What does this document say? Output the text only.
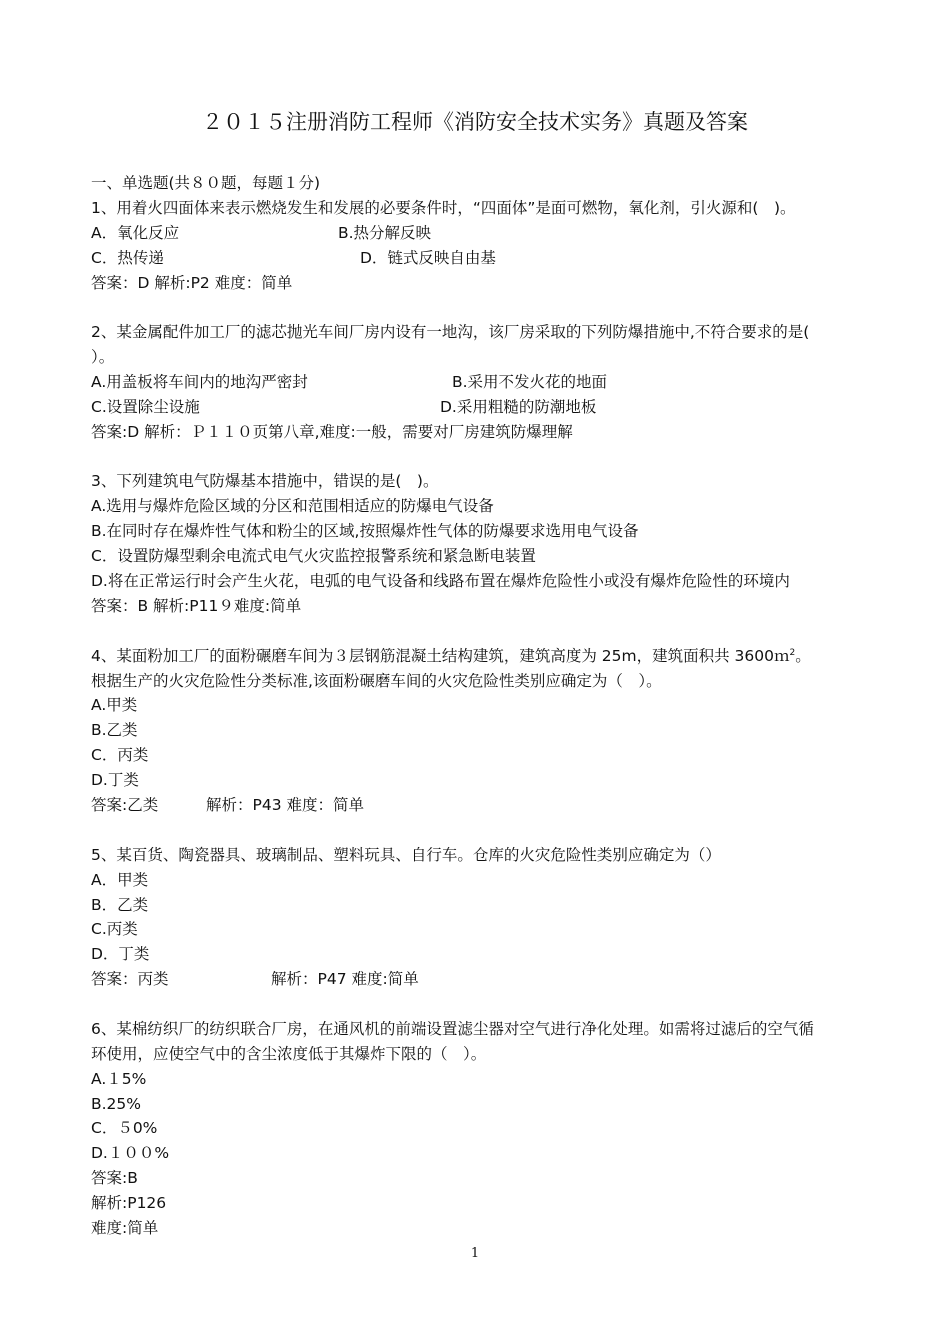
２０１５注册消防工程师《消防安全技术实务》真题及答案
一、单选题(共８０题，每题１分)
1、用着火四面体来表示燃烧发生和发展的必要条件时，“四面体”是面可燃物，氧化剂，引火源和(　)。
A．氧化反应	B.热分解反映
C．热传递	D．链式反映自由基
答案：D 解析:P2 难度：简单
2、某金属配件加工厂的滤芯抛光车间厂房内设有一地沟，该厂房采取的下列防爆措施中,不符合要求的是(
）。
A.用盖板将车间内的地沟严密封	B.采用不发火花的地面
C.设置除尘设施	D.采用粗糙的防潮地板
答案:D 解析：Ｐ１１０页第八章,难度:一般，需要对厂房建筑防爆理解
3、下列建筑电气防爆基本措施中，错误的是(　)。
A.选用与爆炸危险区域的分区和范围相适应的防爆电气设备
B.在同时存在爆炸性气体和粉尘的区域,按照爆炸性气体的防爆要求选用电气设备
C．设置防爆型剩余电流式电气火灾监控报警系统和紧急断电装置
D.将在正常运行时会产生火花，电弧的电气设备和线路布置在爆炸危险性小或没有爆炸危险性的环境内
答案：B 解析:P11９难度:简单
4、某面粉加工厂的面粉碾磨车间为３层钢筋混凝土结构建筑，建筑高度为 25m，建筑面积共 3600ｍ$^2$。
根据生产的火灾危险性分类标准,该面粉碾磨车间的火灾危险性类别应确定为（　）。
A.甲类
B.乙类
C．丙类
D.丁类
答案:乙类	解析：P43 难度：简单
5、某百货、陶瓷器具、玻璃制品、塑料玩具、自行车。仓库的火灾危险性类别应确定为（）
A．甲类
B．乙类
C.丙类
D．丁类
答案：丙类	解析：P47 难度:简单
6、某棉纺织厂的纺织联合厂房，在通风机的前端设置滤尘器对空气进行净化处理。如需将过滤后的空气循
环使用，应使空气中的含尘浓度低于其爆炸下限的（　）。
A.１5%
B.25%
C．５0%
D.１００%
答案:B
解析:P126
难度:简单
1
